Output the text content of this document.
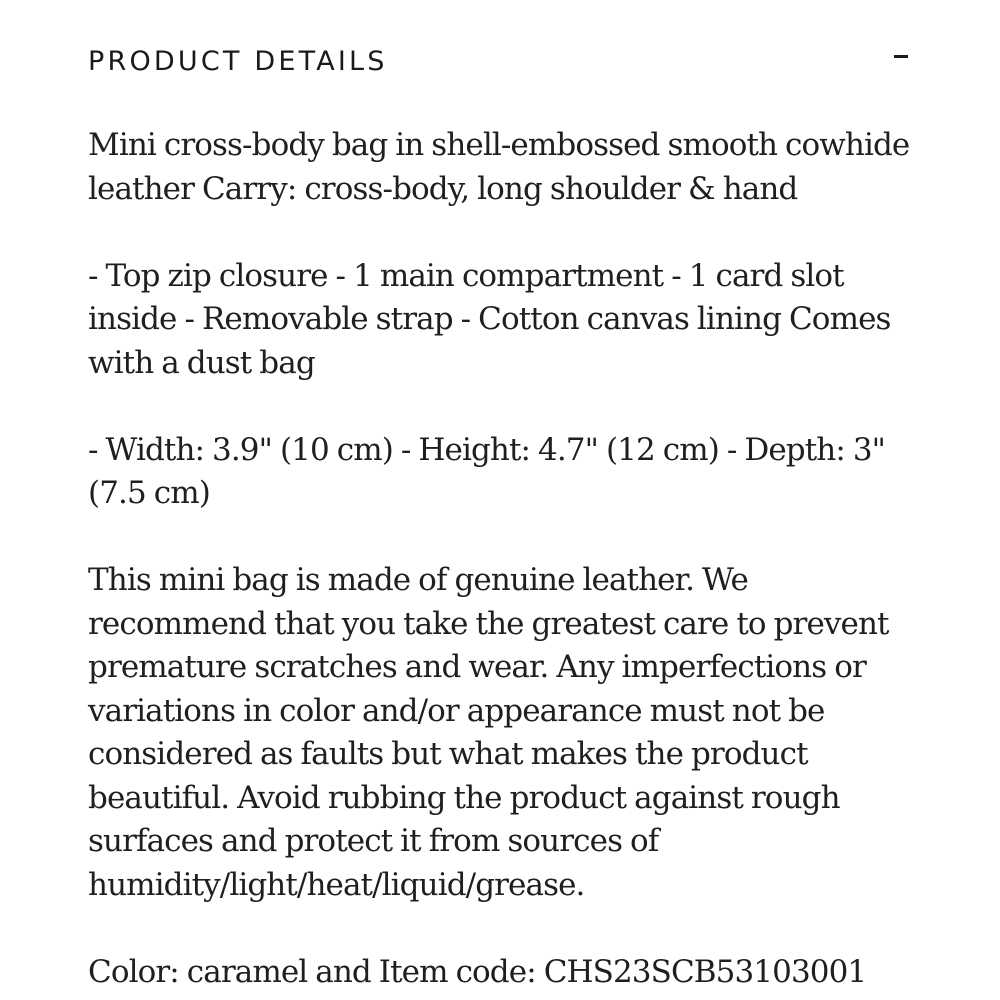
PRODUCT DETAILS

Mini cross-body bag in shell-embossed smooth cowhide leather Carry: cross-body, long shoulder & hand

- Top zip closure - 1 main compartment - 1 card slot inside - Removable strap - Cotton canvas lining Comes with a dust bag

- Width: 3.9" (10 cm) - Height: 4.7" (12 cm) - Depth: 3" (7.5 cm)

This mini bag is made of genuine leather. We recommend that you take the greatest care to prevent premature scratches and wear. Any imperfections or variations in color and/or appearance must not be considered as faults but what makes the product beautiful. Avoid rubbing the product against rough surfaces and protect it from sources of humidity/light/heat/liquid/grease.

Color: caramel and Item code: CHS23SCB53103001
